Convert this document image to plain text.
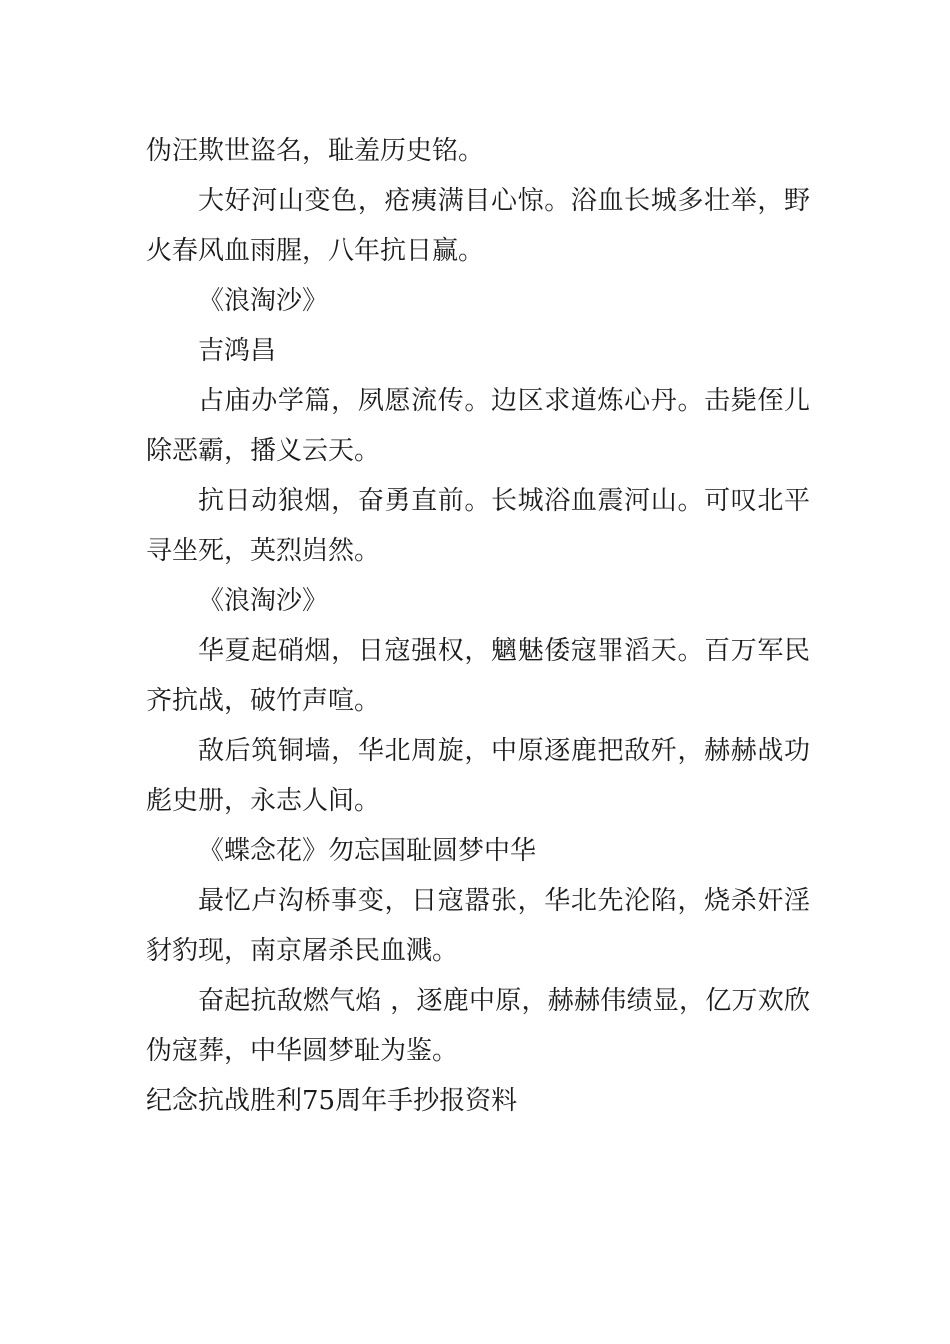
伪汪欺世盗名，耻羞历史铭。

大好河山变色，疮痍满目心惊。浴血长城多壮举，野火春风血雨腥，八年抗日赢。

《浪淘沙》

吉鸿昌

占庙办学篇，夙愿流传。边区求道炼心丹。击毙侄儿除恶霸，播义云天。

抗日动狼烟，奋勇直前。长城浴血震河山。可叹北平寻坐死，英烈岿然。

《浪淘沙》

华夏起硝烟，日寇强权，魑魅倭寇罪滔天。百万军民齐抗战，破竹声喧。

敌后筑铜墙，华北周旋，中原逐鹿把敌歼，赫赫战功彪史册，永志人间。

《蝶念花》勿忘国耻圆梦中华

最忆卢沟桥事变，日寇嚣张，华北先沦陷，烧杀奸淫豺豹现，南京屠杀民血溅。

奋起抗敌燃气焰 ，逐鹿中原，赫赫伟绩显，亿万欢欣伪寇葬，中华圆梦耻为鉴。

纪念抗战胜利75周年手抄报资料
